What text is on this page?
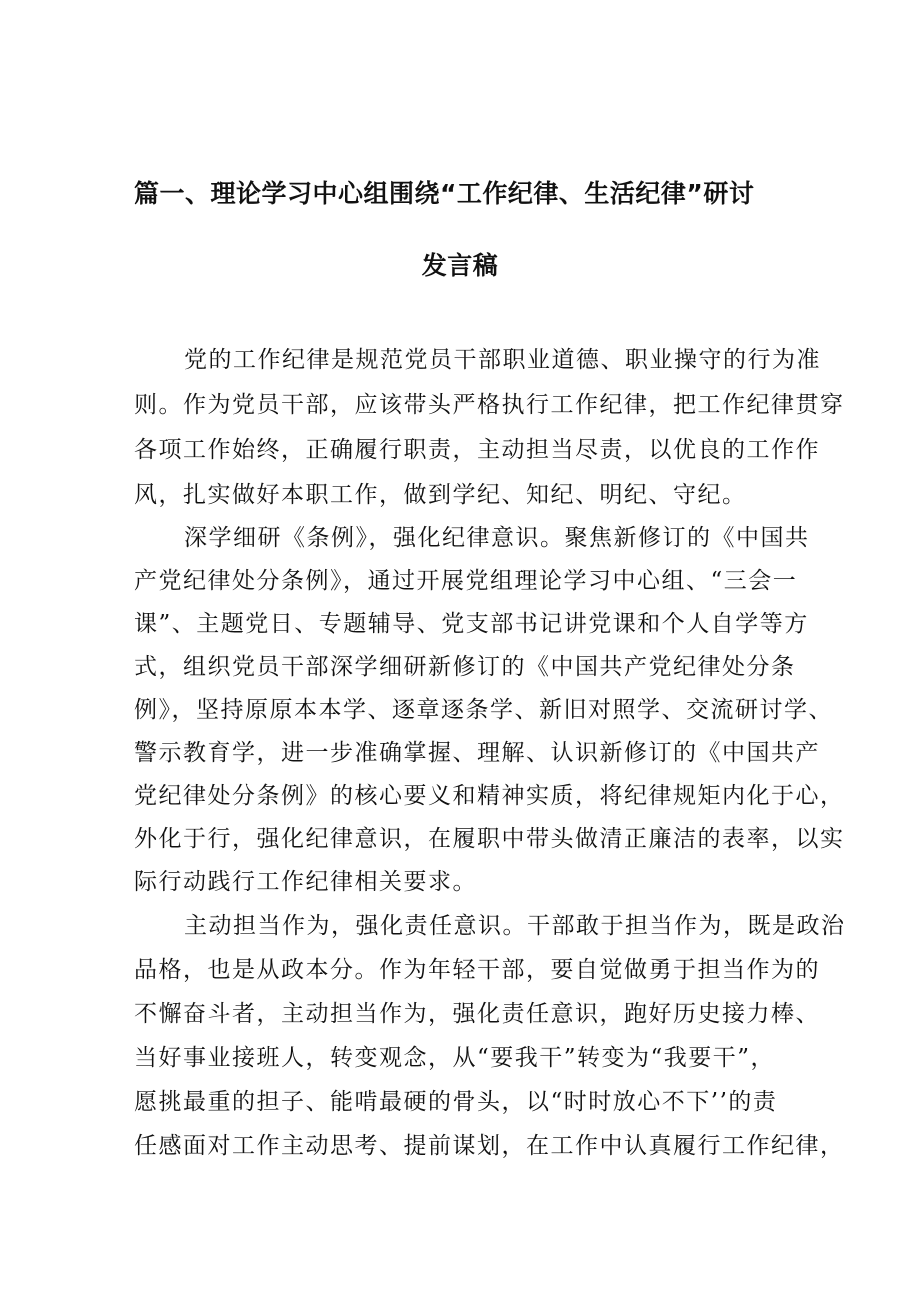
篇一、理论学习中心组围绕“工作纪律、生活纪律”研讨
发言稿
党的工作纪律是规范党员干部职业道德、职业操守的行为准
则。作为党员干部，应该带头严格执行工作纪律，把工作纪律贯穿
各项工作始终，正确履行职责，主动担当尽责，以优良的工作作
风，扎实做好本职工作，做到学纪、知纪、明纪、守纪。
深学细研《条例》，强化纪律意识。聚焦新修订的《中国共
产党纪律处分条例》，通过开展党组理论学习中心组、“三会一
课”、主题党日、专题辅导、党支部书记讲党课和个人自学等方
式，组织党员干部深学细研新修订的《中国共产党纪律处分条
例》，坚持原原本本学、逐章逐条学、新旧对照学、交流研讨学、
警示教育学，进一步准确掌握、理解、认识新修订的《中国共产
党纪律处分条例》的核心要义和精神实质，将纪律规矩内化于心，
外化于行，强化纪律意识，在履职中带头做清正廉洁的表率，以实
际行动践行工作纪律相关要求。
主动担当作为，强化责任意识。干部敢于担当作为，既是政治
品格，也是从政本分。作为年轻干部，要自觉做勇于担当作为的
不懈奋斗者，主动担当作为，强化责任意识，跑好历史接力棒、
当好事业接班人，转变观念，从“要我干”转变为“我要干”，
愿挑最重的担子、能啃最硬的骨头，以“时时放心不下’’的责
任感面对工作主动思考、提前谋划，在工作中认真履行工作纪律，
